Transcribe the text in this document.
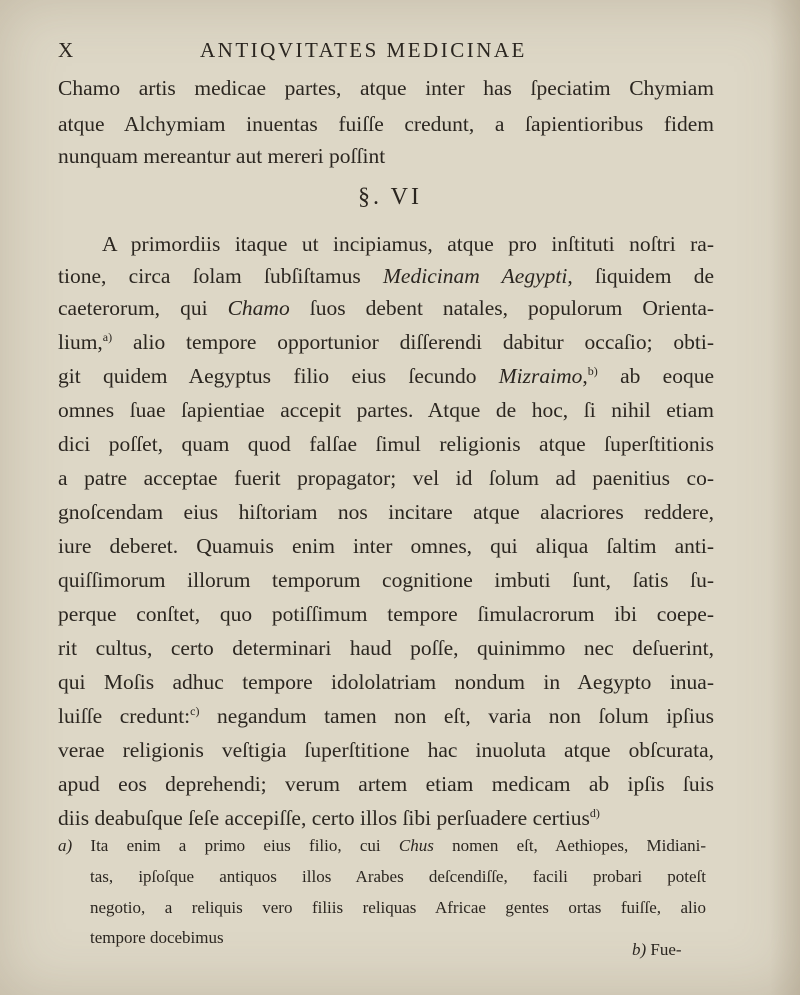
X	ANTIQVITATES MEDICINAE
Chamo artis medicae partes, atque inter has ſpeciatim Chymiam
atque Alchymiam inuentas fuiſſe credunt, a ſapientioribus fidem
nunquam mereantur aut mereri poſſint
§. VI
A primordiis itaque ut incipiamus, atque pro inſtituti noſtri ra-
tione, circa ſolam ſubſiſtamus Medicinam Aegypti, ſiquidem de
caeterorum, qui Chamo ſuos debent natales, populorum Orienta-
lium,$^{a)}$ alio tempore opportunior diſſerendi dabitur occaſio; obti-
git quidem Aegyptus filio eius ſecundo Mizraimo,$^{b)}$ ab eoque
omnes ſuae ſapientiae accepit partes. Atque de hoc, ſi nihil etiam
dici poſſet, quam quod falſae ſimul religionis atque ſuperſtitionis
a patre acceptae fuerit propagator; vel id ſolum ad paenitius co-
gnoſcendam eius hiſtoriam nos incitare atque alacriores reddere,
iure deberet. Quamuis enim inter omnes, qui aliqua ſaltim anti-
quiſſimorum illorum temporum cognitione imbuti ſunt, ſatis ſu-
perque conſtet, quo potiſſimum tempore ſimulacrorum ibi coepe-
rit cultus, certo determinari haud poſſe, quinimmo nec deſuerint,
qui Moſis adhuc tempore idololatriam nondum in Aegypto inua-
luiſſe credunt:$^{c)}$ negandum tamen non eſt, varia non ſolum ipſius
verae religionis veſtigia ſuperſtitione hac inuoluta atque obſcurata,
apud eos deprehendi; verum artem etiam medicam ab ipſis ſuis
diis deabuſque ſeſe accepiſſe, certo illos ſibi perſuadere certius$^{d)}$
a) Ita enim a primo eius filio, cui Chus nomen eſt, Aethiopes, Midiani-
tas, ipſoſque antiquos illos Arabes deſcendiſſe, facili probari poteſt
negotio, a reliquis vero filiis reliquas Africae gentes ortas fuiſſe, alio
tempore docebimus
b) Fue-
